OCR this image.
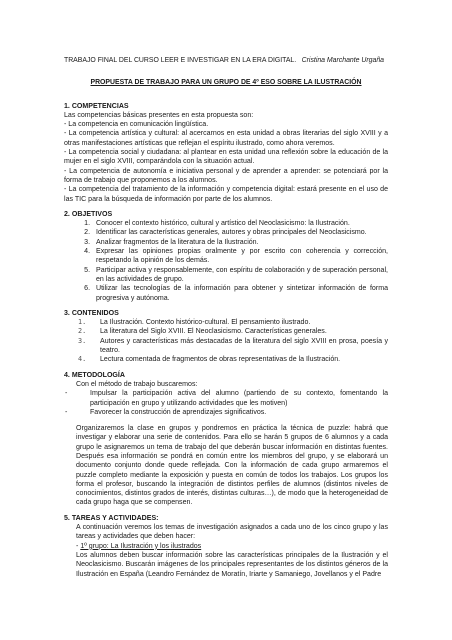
TRABAJO FINAL DEL CURSO LEER E INVESTIGAR EN LA ERA DIGITAL. Cristina Marchante Urgaña
PROPUESTA DE TRABAJO PARA UN GRUPO DE 4º ESO SOBRE LA ILUSTRACIÓN
1. COMPETENCIAS

Las competencias básicas presentes en esta propuesta son:

- La competencia en comunicación lingüística.

- La competencia artística y cultural: al acercarnos en esta unidad a obras literarias del siglo XVIII y a otras manifestaciones artísticas que reflejan el espíritu ilustrado, como ahora veremos.

- La competencia social y ciudadana: al plantear en esta unidad una reflexión sobre la educación de la mujer en el siglo XVIII, comparándola con la situación actual.

- La competencia de autonomía e iniciativa personal y de aprender a aprender: se potenciará por la forma de trabajo que proponemos a los alumnos.

- La competencia del tratamiento de la información y competencia digital: estará presente en el uso de las TIC para la búsqueda de información por parte de los alumnos.

2. OBJETIVOS
1. Conocer el contexto histórico, cultural y artístico del Neoclasicismo: la Ilustración.
2. Identificar las características generales, autores y obras principales del Neoclasicismo.
3. Analizar fragmentos de la literatura de la Ilustración.
4. Expresar las opiniones propias oralmente y por escrito con coherencia y corrección, respetando la opinión de los demás.
5. Participar activa y responsablemente, con espíritu de colaboración y de superación personal, en las actividades de grupo.
6. Utilizar las tecnologías de la información para obtener y sintetizar información de forma progresiva y autónoma.
3. CONTENIDOS
1. La Ilustración. Contexto histórico-cultural. El pensamiento ilustrado.
2. La literatura del Siglo XVIII. El Neoclasicismo. Características generales.
3. Autores y características más destacadas de la literatura del siglo XVIII en prosa, poesía y teatro.
4. Lectura comentada de fragmentos de obras representativas de la Ilustración.
4. METODOLOGÍA

Con el método de trabajo buscaremos:

-	Impulsar la participación activa del alumno (partiendo de su contexto, fomentando la participación en grupo y utilizando actividades que les motiven)
-	Favorecer la construcción de aprendizajes significativos.

Organizaremos la clase en grupos y pondremos en práctica la técnica de puzzle: habrá que investigar y elaborar una serie de contenidos. Para ello se harán 5 grupos de 6 alumnos y a cada grupo le asignaremos un tema de trabajo del que deberán buscar información en distintas fuentes. Después esa información se pondrá en común entre los miembros del grupo, y se elaborará un documento conjunto donde quede reflejada. Con la información de cada grupo armaremos el puzzle completo mediante la exposición y puesta en común de todos los trabajos. Los grupos los forma el profesor, buscando la integración de distintos perfiles de alumnos (distintos niveles de conocimientos, distintos grados de interés, distintas culturas…), de modo que la heterogeneidad de cada grupo haga que se compensen.

5. TAREAS Y ACTIVIDADES:

A continuación veremos los temas de investigación asignados a cada uno de los cinco grupo y las tareas y actividades que deben hacer:

- 1º grupo: La Ilustración y los ilustrados

Los alumnos deben buscar información sobre las características principales de la Ilustración y el Neoclasicismo. Buscarán imágenes de los principales representantes de los distintos géneros de la Ilustración en España (Leandro Fernández de Moratín, Iriarte y Samaniego, Jovellanos y el Padre
